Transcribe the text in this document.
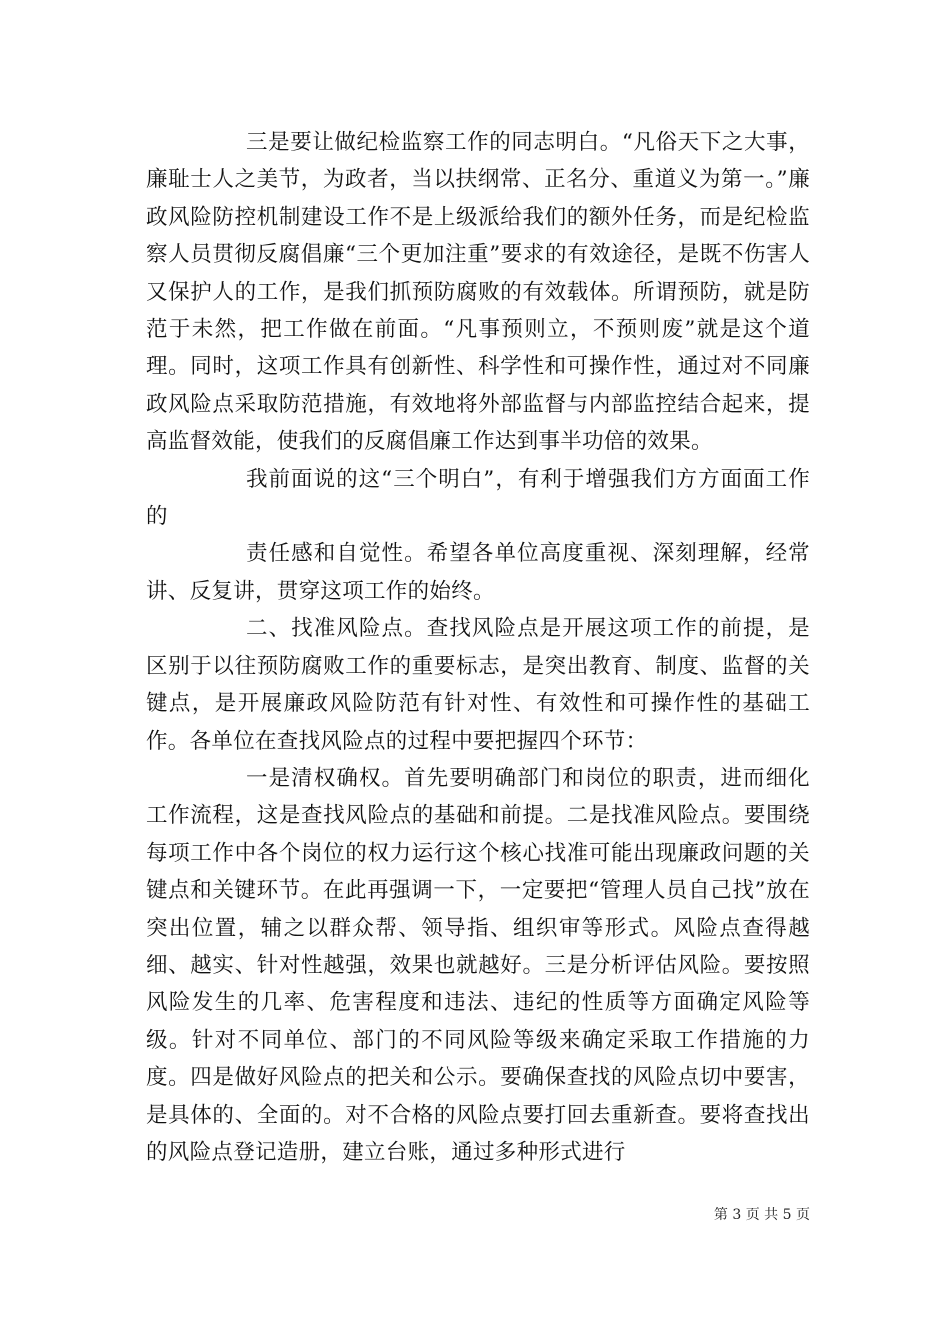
三是要让做纪检监察工作的同志明白。“凡俗天下之大事，廉耻士人之美节，为政者，当以扶纲常、正名分、重道义为第一。”廉政风险防控机制建设工作不是上级派给我们的额外任务，而是纪检监察人员贯彻反腐倡廉“三个更加注重”要求的有效途径，是既不伤害人又保护人的工作，是我们抓预防腐败的有效载体。所谓预防，就是防范于未然，把工作做在前面。“凡事预则立，不预则废”就是这个道理。同时，这项工作具有创新性、科学性和可操作性，通过对不同廉政风险点采取防范措施，有效地将外部监督与内部监控结合起来，提高监督效能，使我们的反腐倡廉工作达到事半功倍的效果。

我前面说的这“三个明白”，有利于增强我们方方面面工作的

责任感和自觉性。希望各单位高度重视、深刻理解，经常讲、反复讲，贯穿这项工作的始终。

二、找准风险点。查找风险点是开展这项工作的前提，是区别于以往预防腐败工作的重要标志，是突出教育、制度、监督的关键点，是开展廉政风险防范有针对性、有效性和可操作性的基础工作。各单位在查找风险点的过程中要把握四个环节：

一是清权确权。首先要明确部门和岗位的职责，进而细化工作流程，这是查找风险点的基础和前提。二是找准风险点。要围绕每项工作中各个岗位的权力运行这个核心找准可能出现廉政问题的关键点和关键环节。在此再强调一下，一定要把“管理人员自己找”放在突出位置，辅之以群众帮、领导指、组织审等形式。风险点查得越细、越实、针对性越强，效果也就越好。三是分析评估风险。要按照风险发生的几率、危害程度和违法、违纪的性质等方面确定风险等级。针对不同单位、部门的不同风险等级来确定采取工作措施的力度。四是做好风险点的把关和公示。要确保查找的风险点切中要害，是具体的、全面的。对不合格的风险点要打回去重新查。要将查找出的风险点登记造册，建立台账，通过多种形式进行

第 3 页 共 5 页
